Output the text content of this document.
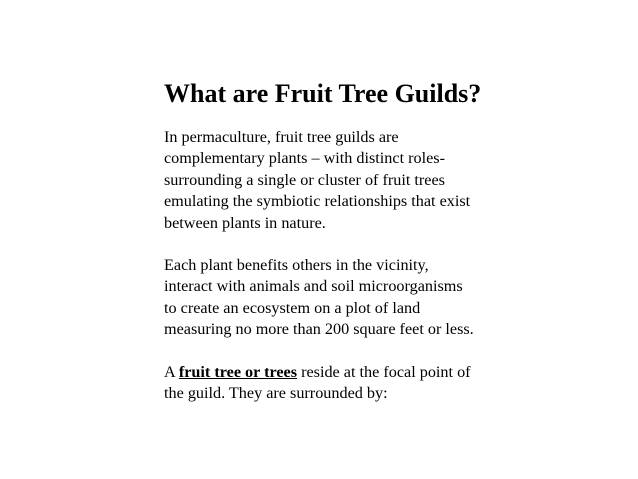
What are Fruit Tree Guilds?

In permaculture, fruit tree guilds are
complementary plants – with distinct roles-
surrounding a single or cluster of fruit trees
emulating the symbiotic relationships that exist
between plants in nature.

Each plant benefits others in the vicinity,
interact with animals and soil microorganisms
to create an ecosystem on a plot of land
measuring no more than 200 square feet or less.

A fruit tree or trees reside at the focal point of
the guild. They are surrounded by:
